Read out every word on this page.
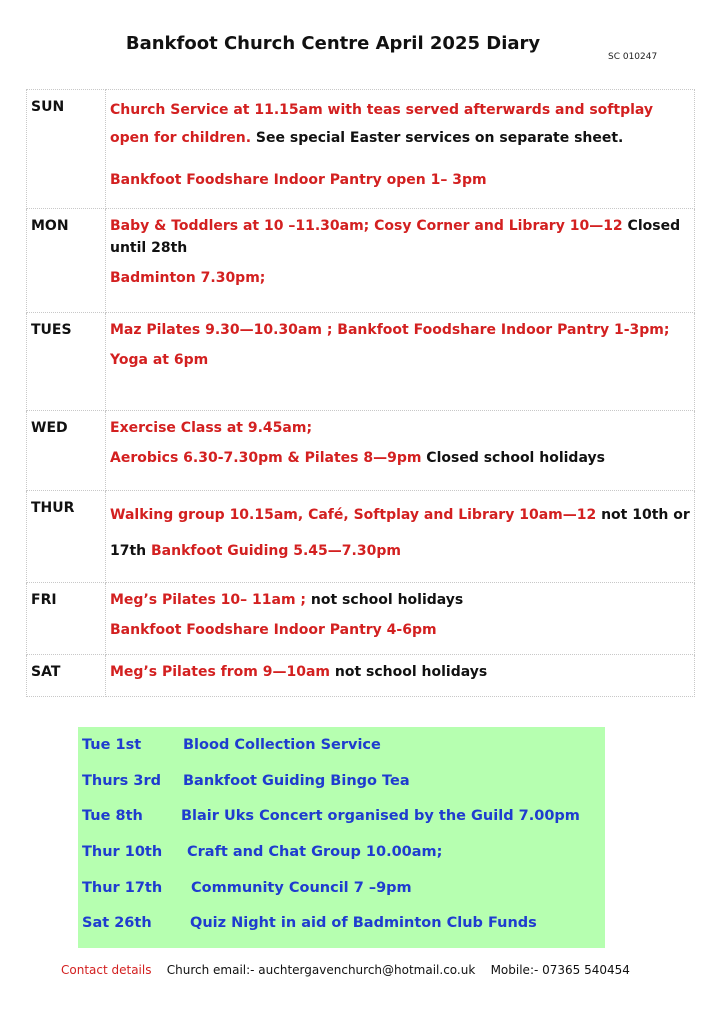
Bankfoot Church Centre April 2025 Diary
SC 010247
SUN	Church Service at 11.15am with teas served afterwards and softplay open for children. See special Easter services on separate sheet.

Bankfoot Foodshare Indoor Pantry open 1– 3pm

MON	Baby & Toddlers at 10 –11.30am; Cosy Corner and Library 10—12 Closed until 28th

Badminton 7.30pm;

TUES	Maz Pilates 9.30—10.30am ; Bankfoot Foodshare Indoor Pantry 1-3pm;

Yoga at 6pm

WED	Exercise Class at 9.45am;

Aerobics 6.30-7.30pm & Pilates 8—9pm Closed school holidays

THUR	Walking group 10.15am, Café, Softplay and Library 10am—12 not 10th or 17th Bankfoot Guiding 5.45—7.30pm

FRI	Meg’s Pilates 10– 11am ; not school holidays

Bankfoot Foodshare Indoor Pantry 4-6pm

SAT	Meg’s Pilates from 9—10am not school holidays

Tue 1st	Blood Collection Service
Thurs 3rd Bankfoot Guiding Bingo Tea
Tue 8th	Blair Uks Concert organised by the Guild 7.00pm
Thur 10th Craft and Chat Group 10.00am;
Thur 17th Community Council 7 –9pm
Sat 26th	Quiz Night in aid of Badminton Club Funds
Contact details Church email:- auchtergavenchurch@hotmail.co.uk Mobile:- 07365 540454
